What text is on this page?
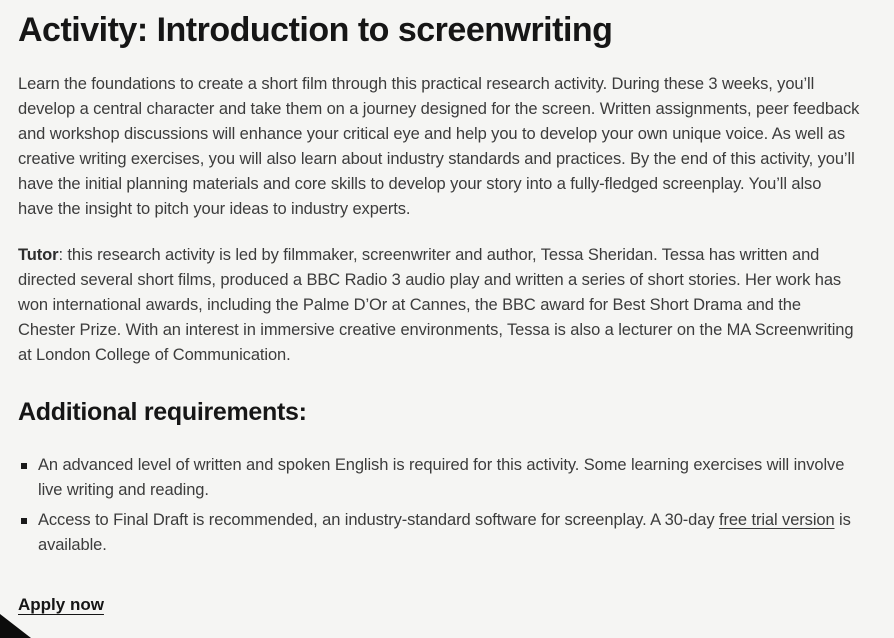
Activity: Introduction to screenwriting

Learn the foundations to create a short film through this practical research activity. During these 3 weeks, you’ll develop a central character and take them on a journey designed for the screen. Written assignments, peer feedback and workshop discussions will enhance your critical eye and help you to develop your own unique voice. As well as creative writing exercises, you will also learn about industry standards and practices. By the end of this activity, you’ll have the initial planning materials and core skills to develop your story into a fully-fledged screenplay. You’ll also have the insight to pitch your ideas to industry experts.

Tutor: this research activity is led by filmmaker, screenwriter and author, Tessa Sheridan. Tessa has written and directed several short films, produced a BBC Radio 3 audio play and written a series of short stories. Her work has won international awards, including the Palme D’Or at Cannes, the BBC award for Best Short Drama and the Chester Prize. With an interest in immersive creative environments, Tessa is also a lecturer on the MA Screenwriting at London College of Communication.

Additional requirements:
An advanced level of written and spoken English is required for this activity. Some learning exercises will involve live writing and reading.
Access to Final Draft is recommended, an industry-standard software for screenplay. A 30-day free trial version is available.
Apply now
